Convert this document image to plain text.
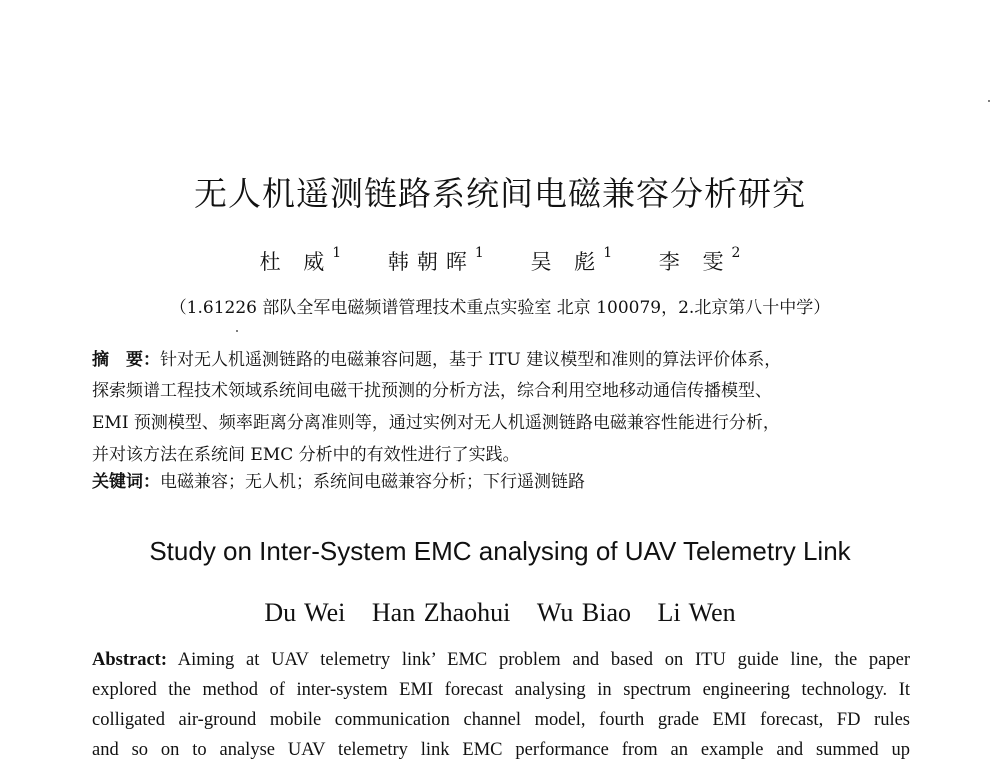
无人机遥测链路系统间电磁兼容分析研究
杜 威$^1$ 韩朝晖$^1$ 吴 彪$^1$ 李 雯$^2$
（1.61226 部队全军电磁频谱管理技术重点实验室 北京 100079，2.北京第八十中学）
摘　要：针对无人机遥测链路的电磁兼容问题，基于 ITU 建议模型和准则的算法评价体系，
探索频谱工程技术领域系统间电磁干扰预测的分析方法，综合利用空地移动通信传播模型、
EMI 预测模型、频率距离分离准则等，通过实例对无人机遥测链路电磁兼容性能进行分析，
并对该方法在系统间 EMC 分析中的有效性进行了实践。
关键词：电磁兼容；无人机；系统间电磁兼容分析；下行遥测链路
Study on Inter-System EMC analysing of UAV Telemetry Link
Du Wei Han Zhaohui Wu Biao Li Wen
Abstract: Aiming at UAV telemetry link’ EMC problem and based on ITU guide line, the paper
explored the method of inter-system EMI forecast analysing in spectrum engineering technology. It
colligated air-ground mobile communication channel model, fourth grade EMI forecast, FD rules
and so on to analyse UAV telemetry link EMC performance from an example and summed up
